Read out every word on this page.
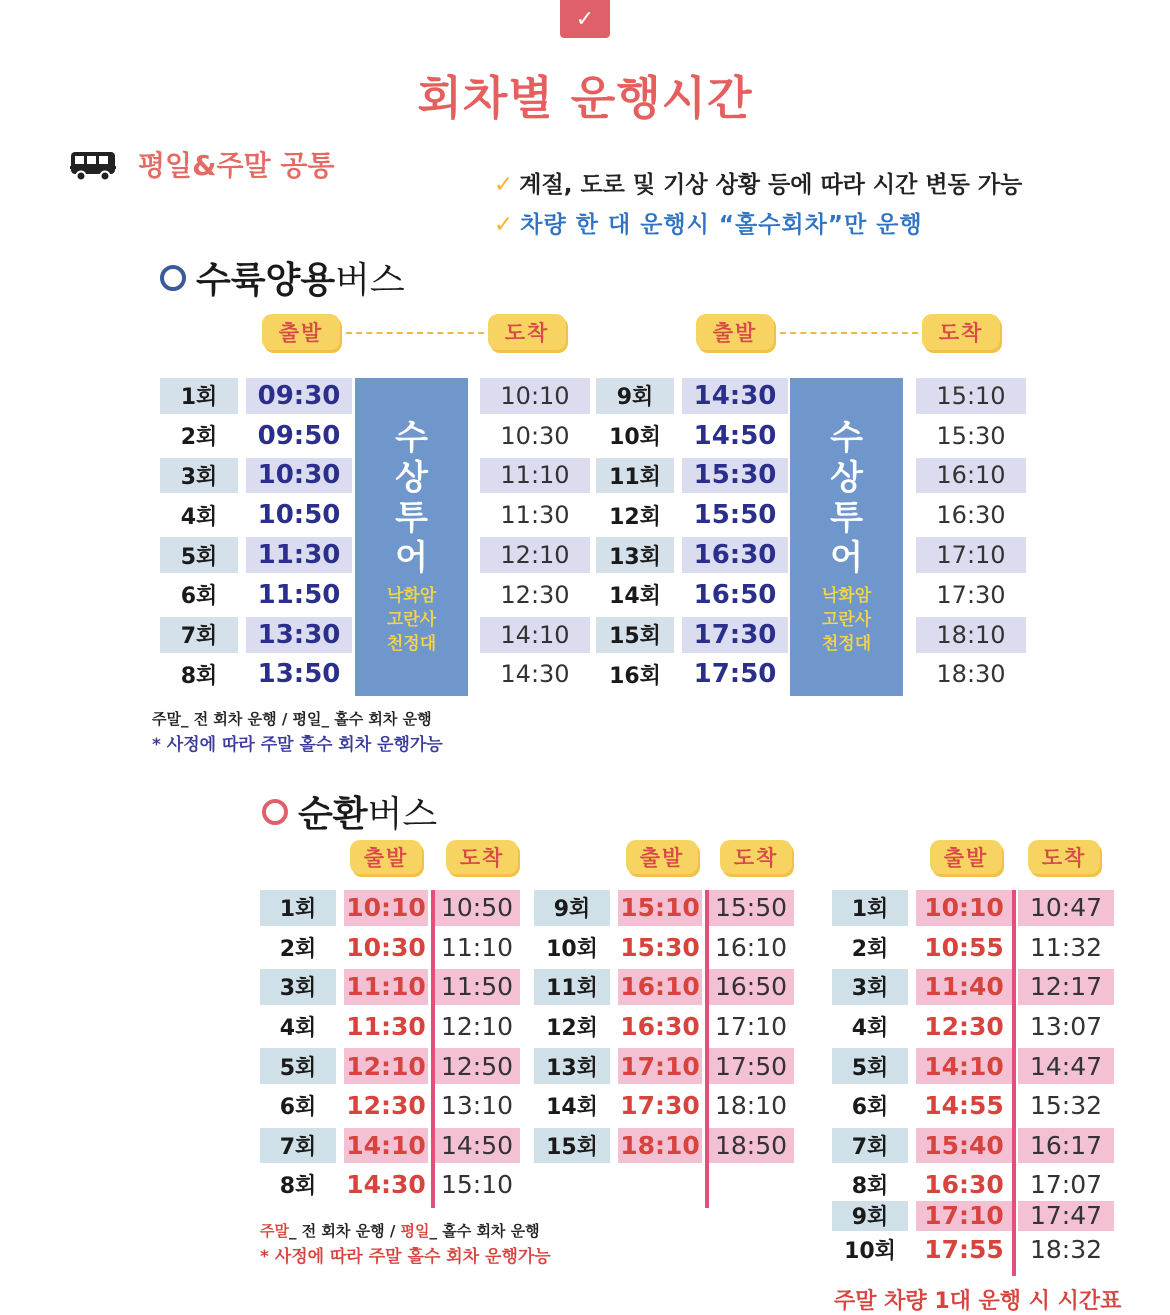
✓
회차별 운행시간
평일&주말 공통
✓ 계절, 도로 및 기상 상황 등에 따라 시간 변동 가능
✓ 차량 한 대 운행시 “홀수회차”만 운행
수륙양용버스
출발	도착	출발	도착
1회	09:30	10:10
2회	09:50	10:30
3회	10:30	11:10
4회	10:50	11:30
5회	11:30	12:10
6회	11:50	12:30
7회	13:30	14:10
8회	13:50	14:30
9회	14:30	15:10
10회	14:50	15:30
11회	15:30	16:10
12회	15:50	16:30
13회	16:30	17:10
14회	16:50	17:30
15회	17:30	18:10
16회	17:50	18:30
수
상
투
어
낙화암
고란사
천정대
수
상
투
어
낙화암
고란사
천정대
주말_ 전 회차 운행 / 평일_ 홀수 회차 운행
* 사정에 따라 주말 홀수 회차 운행가능
순환버스
출발	도착	출발	도착	출발	도착
1회	10:10 10:50
2회	10:30 11:10
3회	11:10 11:50
4회	11:30 12:10
5회	12:10 12:50
6회	12:30 13:10
7회	14:10 14:50
8회	14:30 15:10
9회	15:10 15:50
10회 15:30 16:10
11회 16:10 16:50
12회 16:30 17:10
13회 17:10 17:50
14회 17:30 18:10
15회 18:10 18:50
1회	10:10	10:47
2회	10:55	11:32
3회	11:40	12:17
4회	12:30	13:07
5회	14:10	14:47
6회	14:55	15:32
7회	15:40	16:17
8회	16:30	17:07
9회	17:10	17:47
10회	17:55	18:32
주말_ 전 회차 운행 / 평일_ 홀수 회차 운행
* 사정에 따라 주말 홀수 회차 운행가능
주말 차량 1대 운행 시 시간표
